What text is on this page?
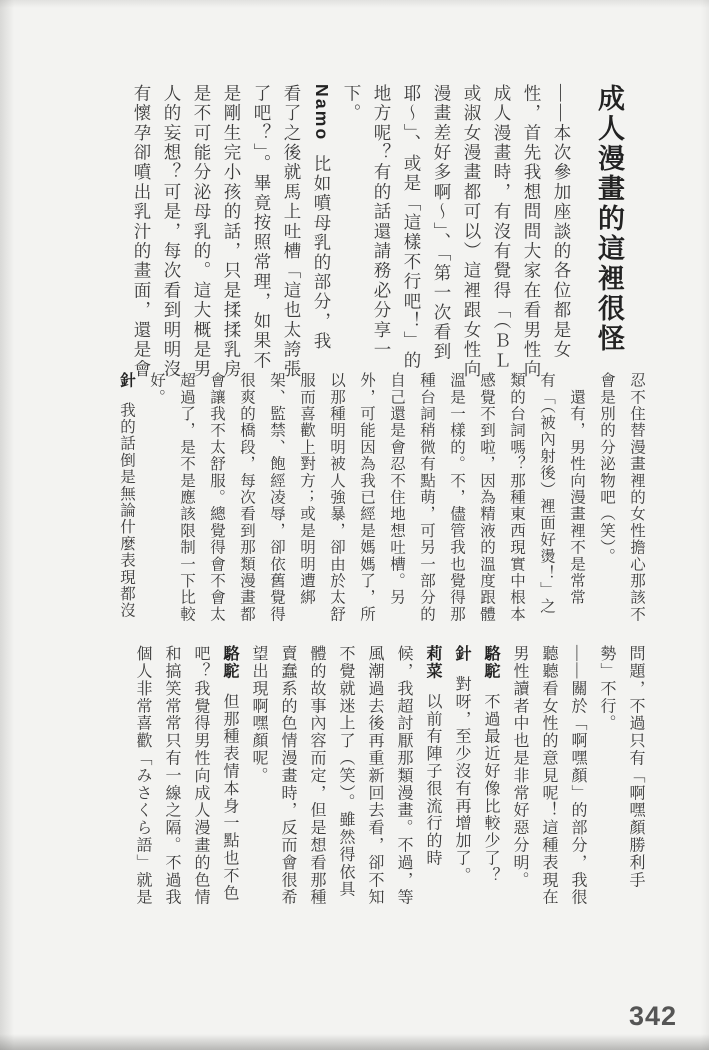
成人漫畫的這裡很怪
——本次參加座談的各位都是女
性，首先我想問問大家在看男性向
成人漫畫時，有沒有覺得「（ＢＬ
或淑女漫畫都可以）這裡跟女性向
漫畫差好多啊～」、「第一次看到
耶～」、或是「這樣不行吧！」的
地方呢？有的話還請務必分享一
下。
Namo比如噴母乳的部分，我
看了之後就馬上吐槽「這也太誇張
了吧？」。畢竟按照常理，如果不
是剛生完小孩的話，只是揉揉乳房
是不可能分泌母乳的。這大概是男
人的妄想？可是，每次看到明明沒
有懷孕卻噴出乳汁的畫面，還是會
忍不住替漫畫裡的女性擔心那該不
會是別的分泌物吧（笑）。
　還有，男性向漫畫裡不是常常
有「（被內射後）裡面好燙！」之
類的台詞嗎？那種東西現實中根本
感覺不到啦，因為精液的溫度跟體
溫是一樣的。不，儘管我也覺得那
種台詞稍微有點萌，可另一部分的
自己還是會忍不住地想吐槽。另
外，可能因為我已經是媽媽了，所
以那種明明被人強暴，卻由於太舒
服而喜歡上對方；或是明明遭綁
架、監禁、飽經凌辱，卻依舊覺得
很爽的橋段，每次看到那類漫畫都
會讓我不太舒服。總覺得會不會太
超過了，是不是應該限制一下比較
好。
針我的話倒是無論什麼表現都沒
問題，不過只有「啊嘿顏勝利手
勢」不行。
——關於「啊嘿顏」的部分，我很
聽聽看女性的意見呢！這種表現在
男性讀者中也是非常好惡分明。
駱駝不過最近好像比較少了？
針對呀，至少沒有再增加了。
莉菜以前有陣子很流行的時
候，我超討厭那類漫畫。不過，等
風潮過去後再重新回去看，卻不知
不覺就迷上了（笑）。雖然得依具
體的故事內容而定，但是想看那種
賣蠢系的色情漫畫時，反而會很希
望出現啊嘿顏呢。
駱駝但那種表情本身一點也不色
吧？我覺得男性向成人漫畫的色情
和搞笑常常只有一線之隔。不過我
個人非常喜歡「みさくら語」就是
342
